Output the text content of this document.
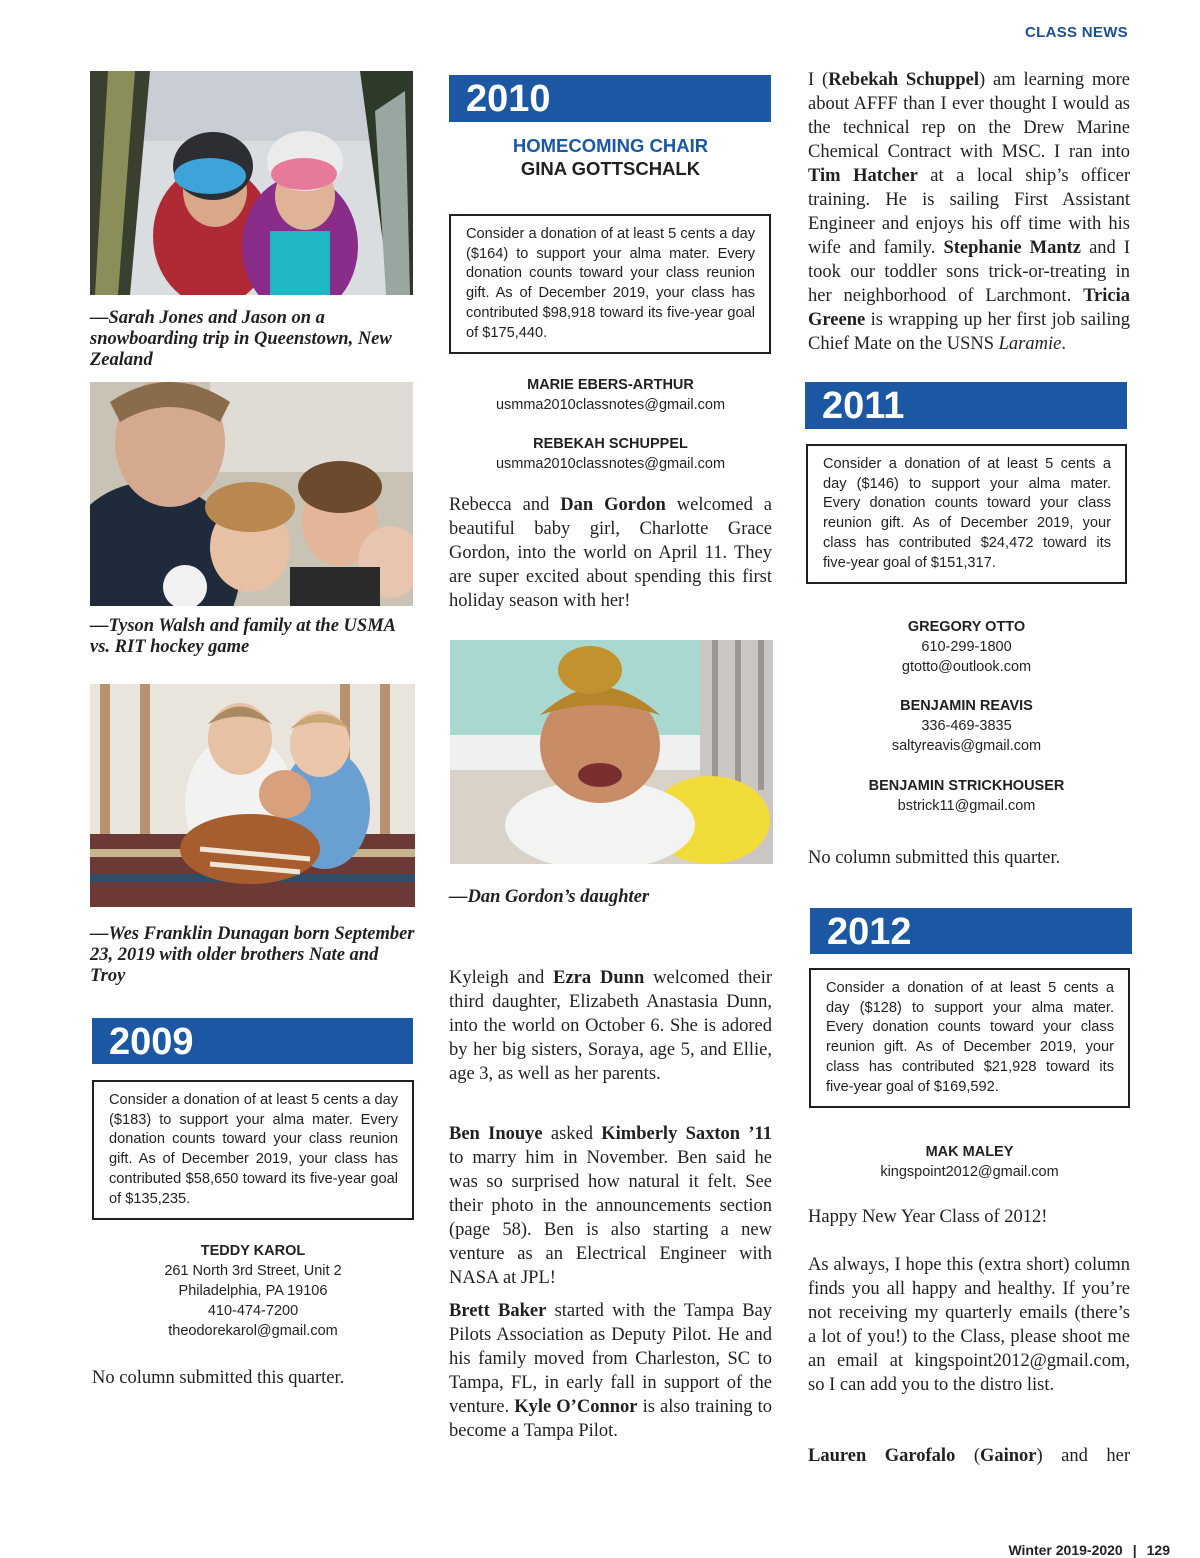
CLASS NEWS
—Sarah Jones and Jason on a snowboarding trip in Queenstown, New Zealand
—Tyson Walsh and family at the USMA vs. RIT hockey game
—Wes Franklin Dunagan born September 23, 2019 with older brothers Nate and Troy
2009
Consider a donation of at least 5 cents a day ($183) to support your alma mater. Every donation counts toward your class reunion gift. As of December 2019, your class has contributed $58,650 toward its five-year goal of $135,235.
TEDDY KAROL
261 North 3rd Street, Unit 2
Philadelphia, PA 19106
410-474-7200
theodorekarol@gmail.com
No column submitted this quarter.
2010
HOMECOMING CHAIR
GINA GOTTSCHALK
Consider a donation of at least 5 cents a day ($164) to support your alma mater. Every donation counts toward your class reunion gift. As of December 2019, your class has contributed $98,918 toward its five-year goal of $175,440.
MARIE EBERS-ARTHUR
usmma2010classnotes@gmail.com
REBEKAH SCHUPPEL
usmma2010classnotes@gmail.com
Rebecca and Dan Gordon welcomed a beautiful baby girl, Charlotte Grace Gordon, into the world on April 11. They are super excited about spending this first holiday season with her!
—Dan Gordon’s daughter
Kyleigh and Ezra Dunn welcomed their third daughter, Elizabeth Anastasia Dunn, into the world on October 6. She is adored by her big sisters, Soraya, age 5, and Ellie, age 3, as well as her parents.
Ben Inouye asked Kimberly Saxton ’11 to marry him in November. Ben said he was so surprised how natural it felt. See their photo in the announcements section (page 58). Ben is also starting a new venture as an Electrical Engineer with NASA at JPL!
Brett Baker started with the Tampa Bay Pilots Association as Deputy Pilot. He and his family moved from Charleston, SC to Tampa, FL, in early fall in support of the venture. Kyle O’Connor is also training to become a Tampa Pilot.
I (Rebekah Schuppel) am learning more about AFFF than I ever thought I would as the technical rep on the Drew Marine Chemical Contract with MSC. I ran into Tim Hatcher at a local ship’s officer training. He is sailing First Assistant Engineer and enjoys his off time with his wife and family. Stephanie Mantz and I took our toddler sons trick-or-treating in her neighborhood of Larchmont. Tricia Greene is wrapping up her first job sailing Chief Mate on the USNS Laramie.
2011
Consider a donation of at least 5 cents a day ($146) to support your alma mater. Every donation counts toward your class reunion gift. As of December 2019, your class has contributed $24,472 toward its five-year goal of $151,317.
GREGORY OTTO
610-299-1800
gtotto@outlook.com
BENJAMIN REAVIS
336-469-3835
saltyreavis@gmail.com
BENJAMIN STRICKHOUSER
bstrick11@gmail.com
No column submitted this quarter.
2012
Consider a donation of at least 5 cents a day ($128) to support your alma mater. Every donation counts toward your class reunion gift. As of December 2019, your class has contributed $21,928 toward its five-year goal of $169,592.
MAK MALEY
kingspoint2012@gmail.com
Happy New Year Class of 2012!
As always, I hope this (extra short) column finds you all happy and healthy. If you’re not receiving my quarterly emails (there’s a lot of you!) to the Class, please shoot me an email at kingspoint2012@gmail.com, so I can add you to the distro list.
Lauren Garofalo (Gainor) and her
Winter 2019-2020 | 129
